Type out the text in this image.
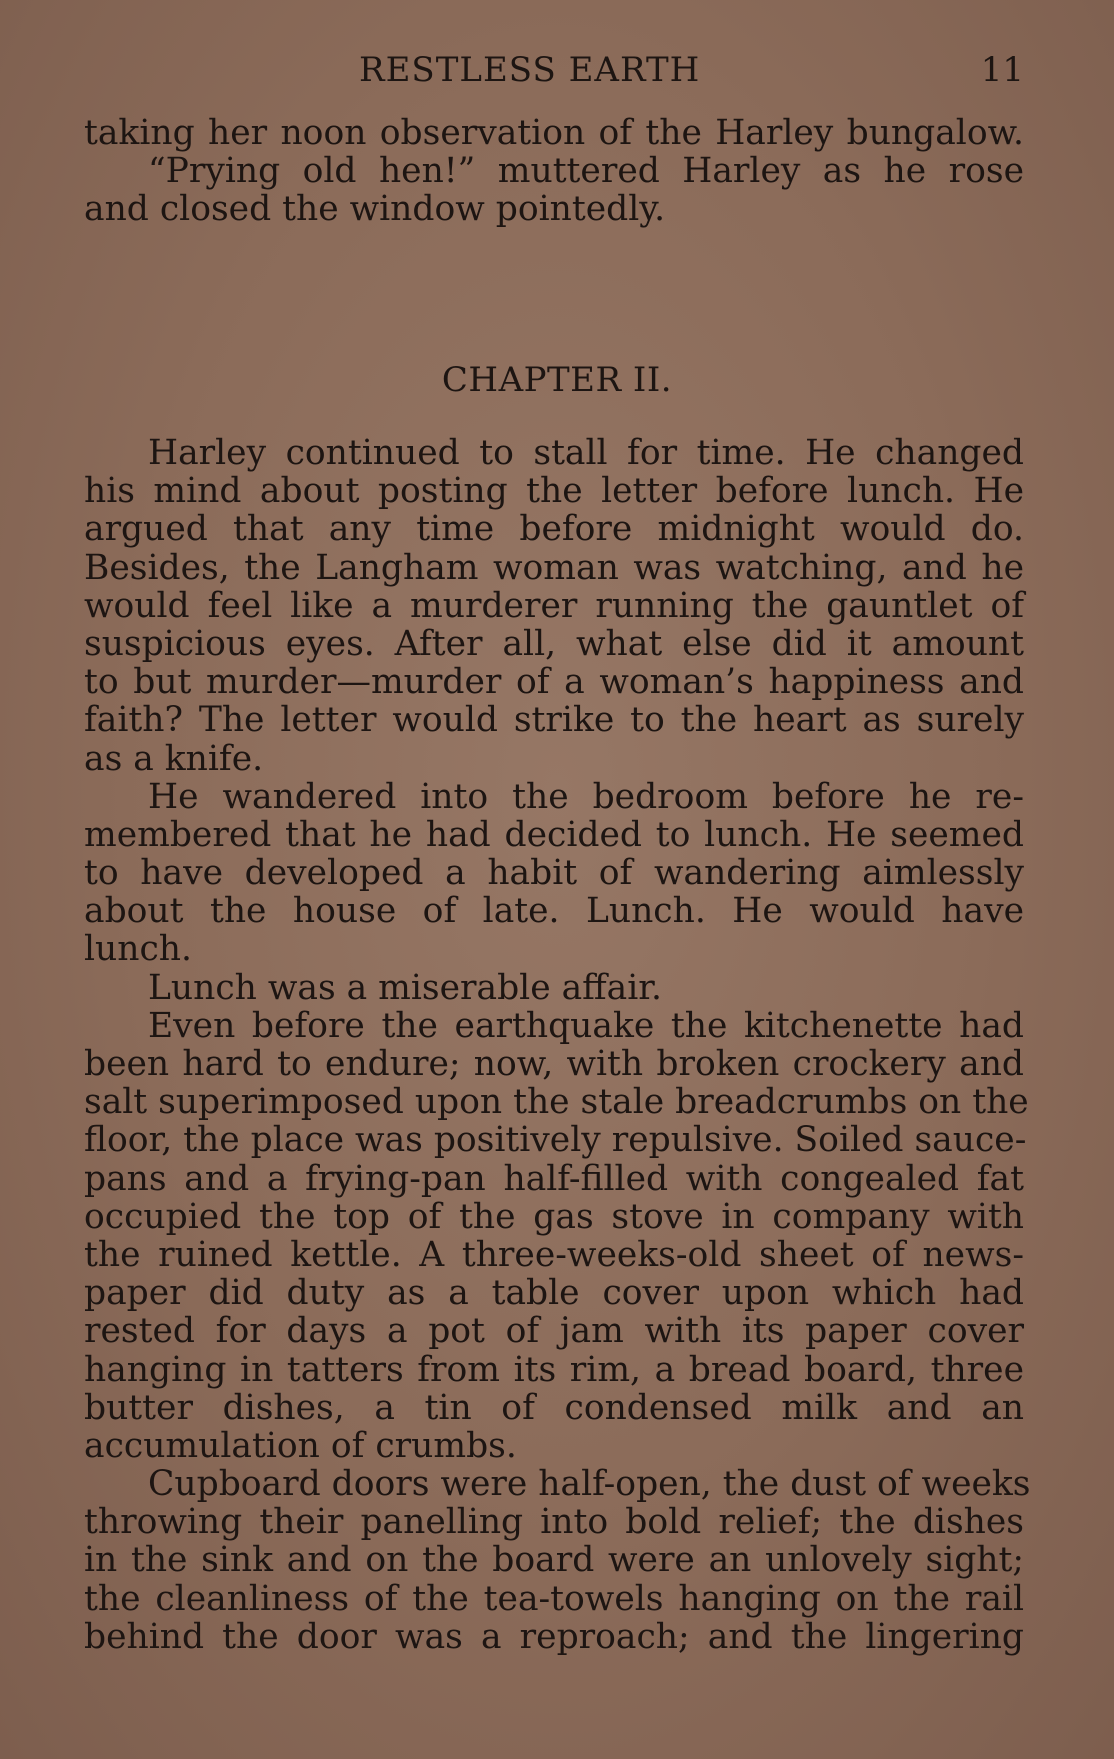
RESTLESS EARTH	11
taking her noon observation of the Harley bungalow.
“Prying old hen!” muttered Harley as he rose
and closed the window pointedly.
CHAPTER II.
Harley continued to stall for time. He changed
his mind about posting the letter before lunch. He
argued that any time before midnight would do.
Besides, the Langham woman was watching, and he
would feel like a murderer running the gauntlet of
suspicious eyes. After all, what else did it amount
to but murder—murder of a woman’s happiness and
faith? The letter would strike to the heart as surely
as a knife.
He wandered into the bedroom before he re-
membered that he had decided to lunch. He seemed
to have developed a habit of wandering aimlessly
about the house of late. Lunch. He would have
lunch.
Lunch was a miserable affair.
Even before the earthquake the kitchenette had
been hard to endure; now, with broken crockery and
salt superimposed upon the stale breadcrumbs on the
floor, the place was positively repulsive. Soiled sauce-
pans and a frying-pan half-filled with congealed fat
occupied the top of the gas stove in company with
the ruined kettle. A three-weeks-old sheet of news-
paper did duty as a table cover upon which had
rested for days a pot of jam with its paper cover
hanging in tatters from its rim, a bread board, three
butter dishes, a tin of condensed milk and an
accumulation of crumbs.
Cupboard doors were half-open, the dust of weeks
throwing their panelling into bold relief; the dishes
in the sink and on the board were an unlovely sight;
the cleanliness of the tea-towels hanging on the rail
behind the door was a reproach; and the lingering
